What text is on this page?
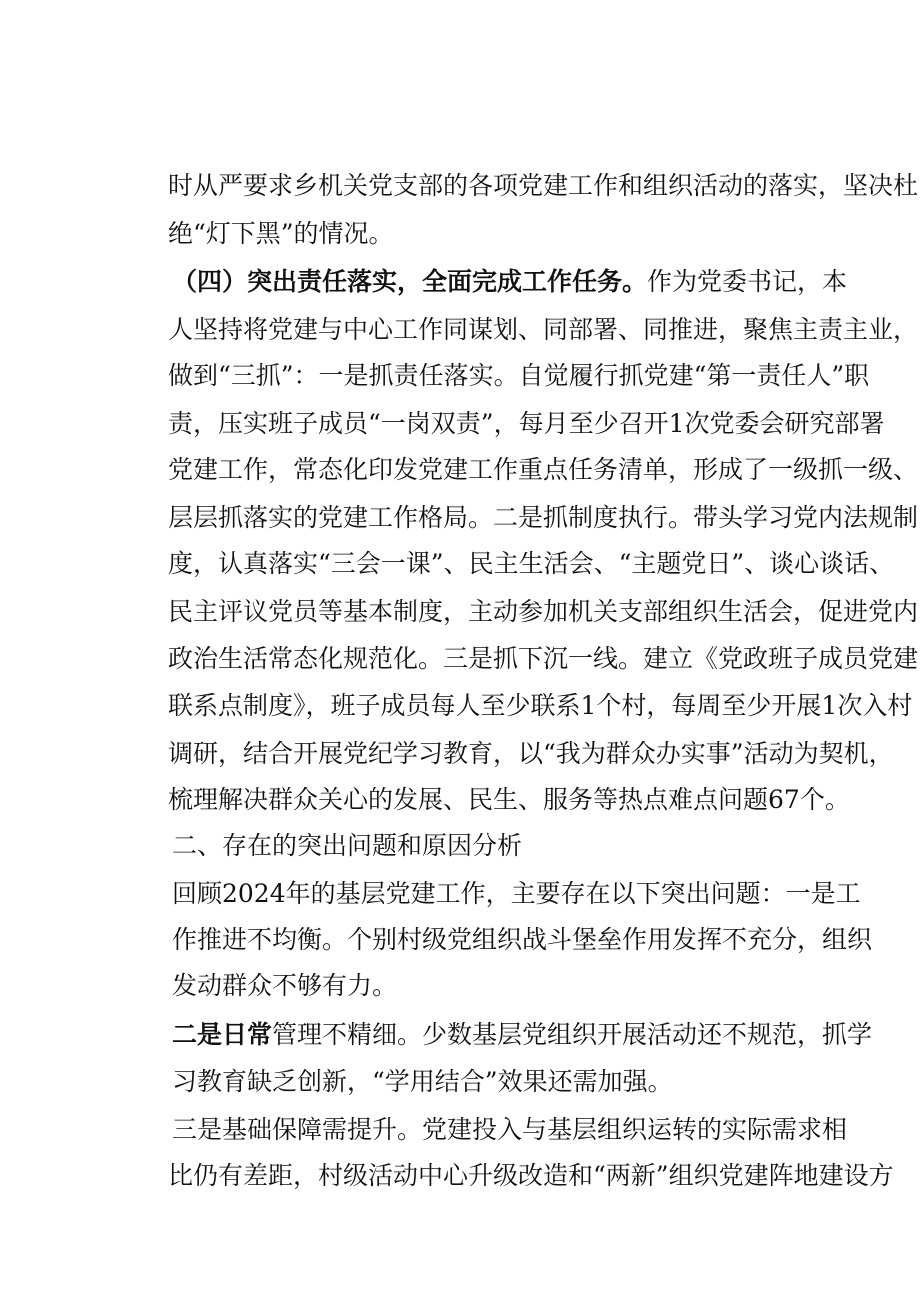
时从严要求乡机关党支部的各项党建工作和组织活动的落实，坚决杜
绝“灯下黑”的情况。
（四）突出责任落实，全面完成工作任务。作为党委书记，本
人坚持将党建与中心工作同谋划、同部署、同推进，聚焦主责主业，
做到“三抓”：一是抓责任落实。自觉履行抓党建“第一责任人”职
责，压实班子成员“一岗双责”，每月至少召开1次党委会研究部署
党建工作，常态化印发党建工作重点任务清单，形成了一级抓一级、
层层抓落实的党建工作格局。二是抓制度执行。带头学习党内法规制
度，认真落实“三会一课”、民主生活会、“主题党日”、谈心谈话、
民主评议党员等基本制度，主动参加机关支部组织生活会，促进党内
政治生活常态化规范化。三是抓下沉一线。建立《党政班子成员党建
联系点制度》，班子成员每人至少联系1个村，每周至少开展1次入村
调研，结合开展党纪学习教育，以“我为群众办实事”活动为契机，
梳理解决群众关心的发展、民生、服务等热点难点问题67个。
二、存在的突出问题和原因分析
回顾2024年的基层党建工作，主要存在以下突出问题：一是工
作推进不均衡。个别村级党组织战斗堡垒作用发挥不充分，组织
发动群众不够有力。
二是日常管理不精细。少数基层党组织开展活动还不规范，抓学
习教育缺乏创新，“学用结合”效果还需加强。
三是基础保障需提升。党建投入与基层组织运转的实际需求相
比仍有差距，村级活动中心升级改造和“两新”组织党建阵地建设方
